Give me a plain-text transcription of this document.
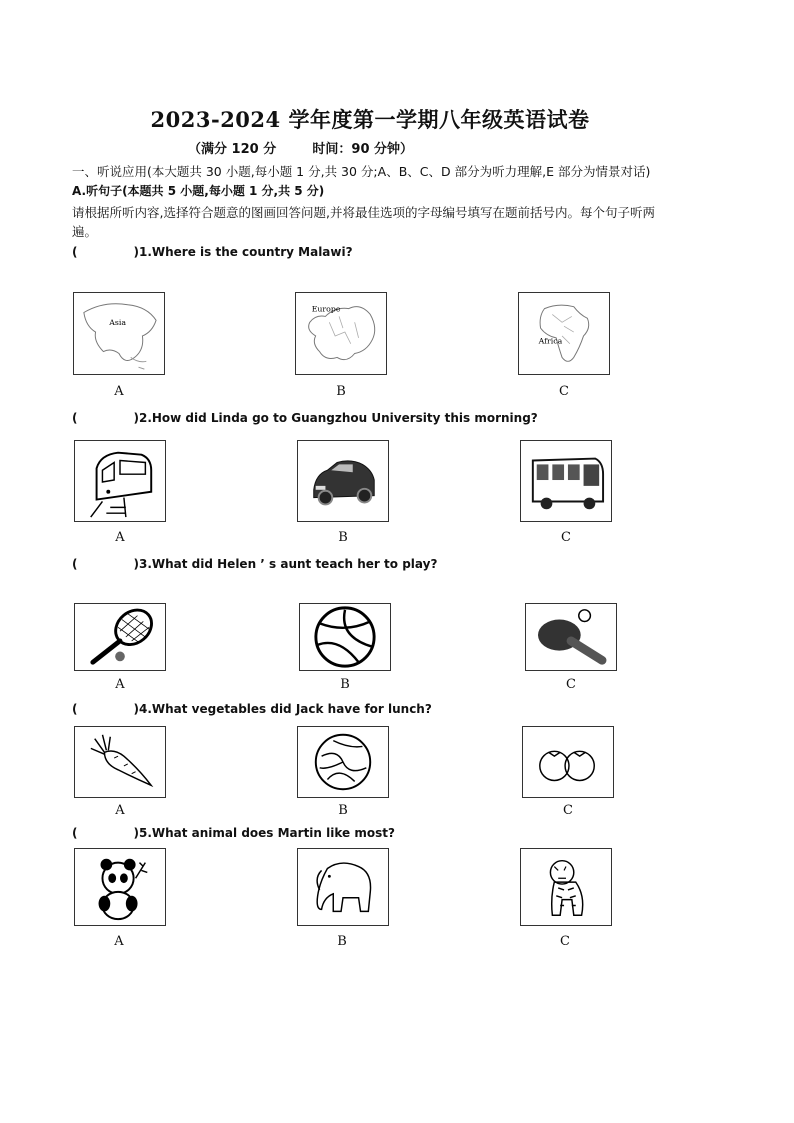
2023-2024 学年度第一学期八年级英语试卷
（满分 120 分        时间：90 分钟）
一、听说应用(本大题共 30 小题,每小题 1 分,共 30 分;A、B、C、D 部分为听力理解,E 部分为情景对话)
A.听句子(本题共 5 小题,每小题 1 分,共 5 分)
请根据所听内容,选择符合题意的图画回答问题,并将最佳选项的字母编号填写在题前括号内。每个句子听两
遍。
(	)1.Where is the country Malawi?
Asia
Europe
Africa
A	B	C
(	)2.How did Linda go to Guangzhou University this morning?
A	B	C
(	)3.What did Helen ’ s aunt teach her to play?
A	B	C
(	)4.What vegetables did Jack have for lunch?
A	B	C
(	)5.What animal does Martin like most?
A	B	C
